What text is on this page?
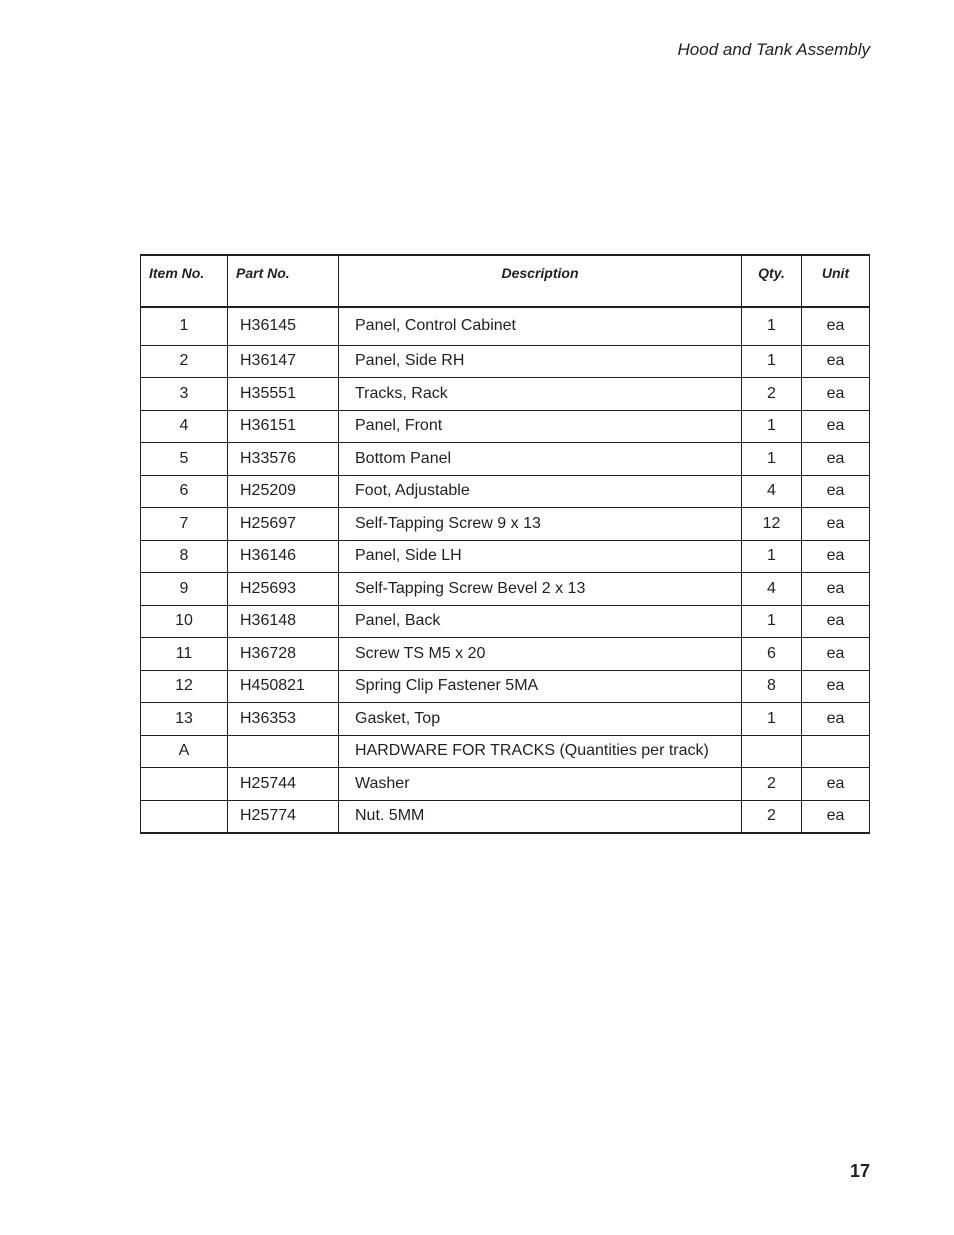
Hood and Tank Assembly
Item No.	Part No.	Description	Qty.	Unit
1	H36145	Panel, Control Cabinet	1	ea
2	H36147	Panel, Side RH	1	ea
3	H35551	Tracks, Rack	2	ea
4	H36151	Panel, Front	1	ea
5	H33576	Bottom Panel	1	ea
6	H25209	Foot, Adjustable	4	ea
7	H25697	Self-Tapping Screw 9 x 13	12	ea
8	H36146	Panel, Side LH	1	ea
9	H25693	Self-Tapping Screw Bevel 2 x 13	4	ea
10	H36148	Panel, Back	1	ea
11	H36728	Screw TS M5 x 20	6	ea
12	H450821	Spring Clip Fastener 5MA	8	ea
13	H36353	Gasket, Top	1	ea
A		HARDWARE FOR TRACKS (Quantities per track)		
	H25744	Washer	2	ea
	H25774	Nut. 5MM	2	ea
17
